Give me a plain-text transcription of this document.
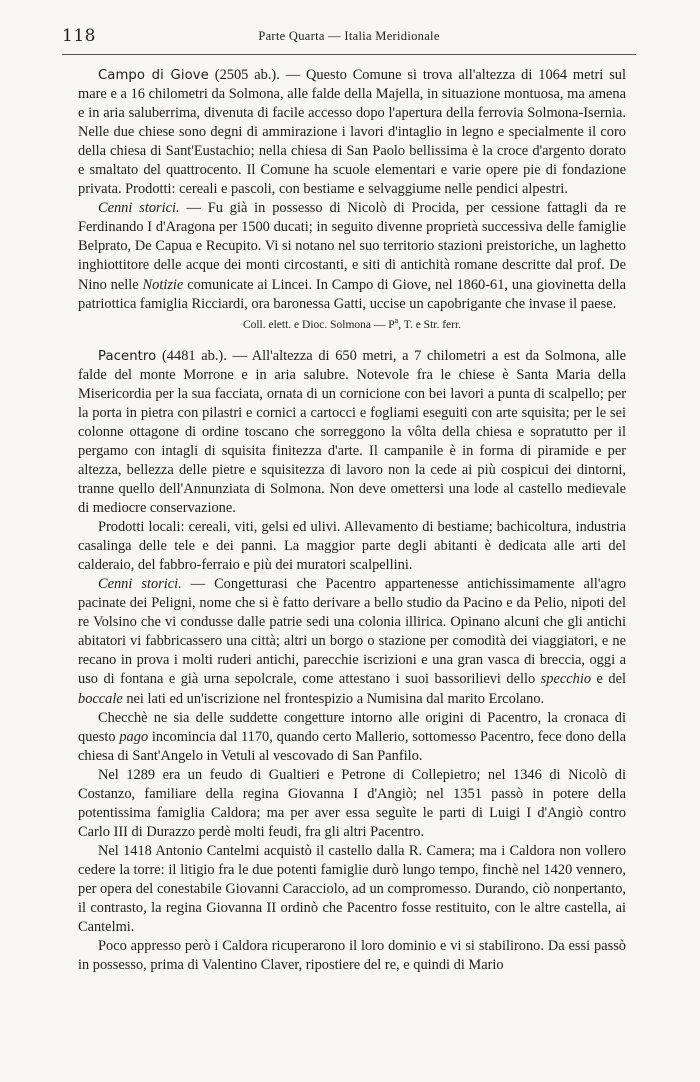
118	Parte Quarta — Italia Meridionale

Campo di Giove (2505 ab.). — Questo Comune si trova all'altezza di 1064 metri sul mare e a 16 chilometri da Solmona, alle falde della Majella, in situazione montuosa, ma amena e in aria saluberrima, divenuta di facile accesso dopo l'apertura della ferrovia Solmona-Isernia. Nelle due chiese sono degni di ammirazione i lavori d'intaglio in legno e specialmente il coro della chiesa di Sant'Eustachio; nella chiesa di San Paolo bellissima è la croce d'argento dorato e smaltato del quattrocento. Il Comune ha scuole elementari e varie opere pie di fondazione privata. Prodotti: cereali e pascoli, con bestiame e selvaggiume nelle pendici alpestri.

Cenni storici. — Fu già in possesso di Nicolò di Procida, per cessione fattagli da re Ferdinando I d'Aragona per 1500 ducati; in seguito divenne proprietà successiva delle famiglie Belprato, De Capua e Recupito. Vi si notano nel suo territorio stazioni preistoriche, un laghetto inghiottitore delle acque dei monti circostanti, e siti di antichità romane descritte dal prof. De Nino nelle Notizie comunicate ai Lincei. In Campo di Giove, nel 1860-61, una giovinetta della patriottica famiglia Ricciardi, ora baronessa Gatti, uccise un capobrigante che invase il paese.

Coll. elett. e Dioc. Solmona — $P^a$, T. e Str. ferr.

Pacentro (4481 ab.). — All'altezza di 650 metri, a 7 chilometri a est da Solmona, alle falde del monte Morrone e in aria salubre. Notevole fra le chiese è Santa Maria della Misericordia per la sua facciata, ornata di un cornicione con bei lavori a punta di scalpello; per la porta in pietra con pilastri e cornici a cartocci e fogliami eseguiti con arte squisita; per le sei colonne ottagone di ordine toscano che sorreggono la vôlta della chiesa e sopratutto per il pergamo con intagli di squisita finitezza d'arte. Il campanile è in forma di piramide e per altezza, bellezza delle pietre e squisitezza di lavoro non la cede ai più cospicui dei dintorni, tranne quello dell'Annunziata di Solmona. Non deve omettersi una lode al castello medievale di mediocre conservazione.

Prodotti locali: cereali, viti, gelsi ed ulivi. Allevamento di bestiame; bachicoltura, industria casalinga delle tele e dei panni. La maggior parte degli abitanti è dedicata alle arti del calderaio, del fabbro-ferraio e più dei muratori scalpellini.

Cenni storici. — Congetturasi che Pacentro appartenesse antichissimamente all'agro pacinate dei Peligni, nome che si è fatto derivare a bello studio da Pacino e da Pelio, nipoti del re Volsino che vi condusse dalle patrie sedi una colonia illirica. Opinano alcuni che gli antichi abitatori vi fabbricassero una città; altri un borgo o stazione per comodità dei viaggiatori, e ne recano in prova i molti ruderi antichi, parecchie iscrizioni e una gran vasca di breccia, oggi a uso di fontana e già urna sepolcrale, come attestano i suoi bassorilievi dello specchio e del boccale nei lati ed un'iscrizione nel frontespizio a Numisina dal marito Ercolano.

Checchè ne sia delle suddette congetture intorno alle origini di Pacentro, la cronaca di questo pago incomincia dal 1170, quando certo Mallerio, sottomesso Pacentro, fece dono della chiesa di Sant'Angelo in Vetuli al vescovado di San Panfilo.

Nel 1289 era un feudo di Gualtieri e Petrone di Collepietro; nel 1346 di Nicolò di Costanzo, familiare della regina Giovanna I d'Angiò; nel 1351 passò in potere della potentissima famiglia Caldora; ma per aver essa seguìte le parti di Luigi I d'Angiò contro Carlo III di Durazzo perdè molti feudi, fra gli altri Pacentro.

Nel 1418 Antonio Cantelmi acquistò il castello dalla R. Camera; ma i Caldora non vollero cedere la torre: il litigio fra le due potenti famiglie durò lungo tempo, finchè nel 1420 vennero, per opera del conestabile Giovanni Caracciolo, ad un compromesso. Durando, ciò nonpertanto, il contrasto, la regina Giovanna II ordinò che Pacentro fosse restituito, con le altre castella, ai Cantelmi.

Poco appresso però i Caldora ricuperarono il loro dominio e vi si stabilirono. Da essi passò in possesso, prima di Valentino Claver, ripostiere del re, e quindi di Mario
